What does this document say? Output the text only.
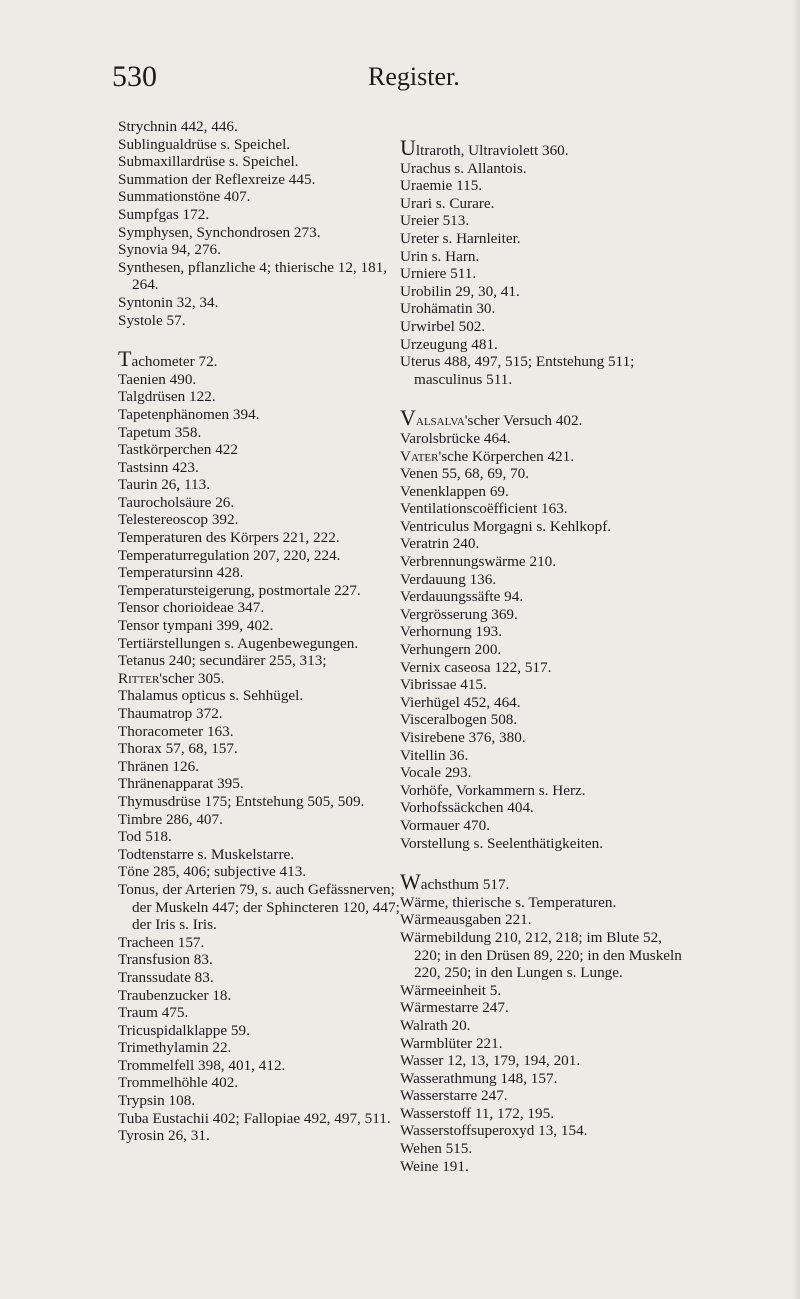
530	Register.

Strychnin 442, 446.

Sublingualdrüse s. Speichel.

Submaxillardrüse s. Speichel.

Summation der Reflexreize 445.

Summationstöne 407.

Sumpfgas 172.

Symphysen, Synchondrosen 273.

Synovia 94, 276.

Synthesen, pflanzliche 4; thierische 12, 181, 264.

Syntonin 32, 34.

Systole 57.

Tachometer 72.

Taenien 490.

Talgdrüsen 122.

Tapetenphänomen 394.

Tapetum 358.

Tastkörperchen 422

Tastsinn 423.

Taurin 26, 113.

Taurocholsäure 26.

Telestereoscop 392.

Temperaturen des Körpers 221, 222.

Temperaturregulation 207, 220, 224.

Temperatursinn 428.

Temperatursteigerung, postmortale 227.

Tensor chorioideae 347.

Tensor tympani 399, 402.

Tertiärstellungen s. Augenbewegungen.

Tetanus 240; secundärer 255, 313;

Ritter'scher 305.

Thalamus opticus s. Sehhügel.

Thaumatrop 372.

Thoracometer 163.

Thorax 57, 68, 157.

Thränen 126.

Thränenapparat 395.

Thymusdrüse 175; Entstehung 505, 509.

Timbre 286, 407.

Tod 518.

Todtenstarre s. Muskelstarre.

Töne 285, 406; subjective 413.

Tonus, der Arterien 79, s. auch Gefässnerven; der Muskeln 447; der Sphincteren 120, 447; der Iris s. Iris.

Tracheen 157.

Transfusion 83.

Transsudate 83.

Traubenzucker 18.

Traum 475.

Tricuspidalklappe 59.

Trimethylamin 22.

Trommelfell 398, 401, 412.

Trommelhöhle 402.

Trypsin 108.

Tuba Eustachii 402; Fallopiae 492, 497, 511.

Tyrosin 26, 31.

Ultraroth, Ultraviolett 360.

Urachus s. Allantois.

Uraemie 115.

Urari s. Curare.

Ureier 513.

Ureter s. Harnleiter.

Urin s. Harn.

Urniere 511.

Urobilin 29, 30, 41.

Urohämatin 30.

Urwirbel 502.

Urzeugung 481.

Uterus 488, 497, 515; Entstehung 511; masculinus 511.

Valsalva'scher Versuch 402.

Varolsbrücke 464.

Vater'sche Körperchen 421.

Venen 55, 68, 69, 70.

Venenklappen 69.

Ventilationscoëfficient 163.

Ventriculus Morgagni s. Kehlkopf.

Veratrin 240.

Verbrennungswärme 210.

Verdauung 136.

Verdauungssäfte 94.

Vergrösserung 369.

Verhornung 193.

Verhungern 200.

Vernix caseosa 122, 517.

Vibrissae 415.

Vierhügel 452, 464.

Visceralbogen 508.

Visirebene 376, 380.

Vitellin 36.

Vocale 293.

Vorhöfe, Vorkammern s. Herz.

Vorhofssäckchen 404.

Vormauer 470.

Vorstellung s. Seelenthätigkeiten.

Wachsthum 517.

Wärme, thierische s. Temperaturen.

Wärmeausgaben 221.

Wärmebildung 210, 212, 218; im Blute 52, 220; in den Drüsen 89, 220; in den Muskeln 220, 250; in den Lungen s. Lunge.

Wärmeeinheit 5.

Wärmestarre 247.

Walrath 20.

Warmblüter 221.

Wasser 12, 13, 179, 194, 201.

Wasserathmung 148, 157.

Wasserstarre 247.

Wasserstoff 11, 172, 195.

Wasserstoffsuperoxyd 13, 154.

Wehen 515.

Weine 191.
